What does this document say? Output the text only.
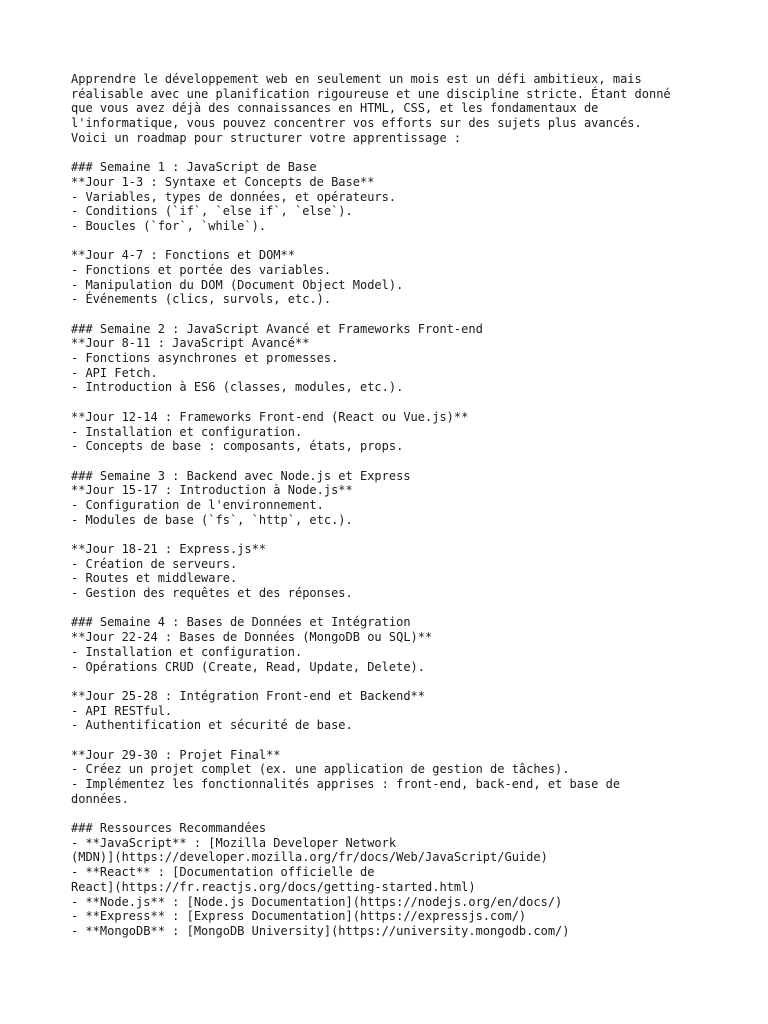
Apprendre le développement web en seulement un mois est un défi ambitieux, mais
réalisable avec une planification rigoureuse et une discipline stricte. Étant donné
que vous avez déjà des connaissances en HTML, CSS, et les fondamentaux de
l'informatique, vous pouvez concentrer vos efforts sur des sujets plus avancés.
Voici un roadmap pour structurer votre apprentissage :
### Semaine 1 : JavaScript de Base
**Jour 1-3 : Syntaxe et Concepts de Base**
- Variables, types de données, et opérateurs.
- Conditions (`if`, `else if`, `else`).
- Boucles (`for`, `while`).
**Jour 4-7 : Fonctions et DOM**
- Fonctions et portée des variables.
- Manipulation du DOM (Document Object Model).
- Événements (clics, survols, etc.).
### Semaine 2 : JavaScript Avancé et Frameworks Front-end
**Jour 8-11 : JavaScript Avancé**
- Fonctions asynchrones et promesses.
- API Fetch.
- Introduction à ES6 (classes, modules, etc.).
**Jour 12-14 : Frameworks Front-end (React ou Vue.js)**
- Installation et configuration.
- Concepts de base : composants, états, props.
### Semaine 3 : Backend avec Node.js et Express
**Jour 15-17 : Introduction à Node.js**
- Configuration de l'environnement.
- Modules de base (`fs`, `http`, etc.).
**Jour 18-21 : Express.js**
- Création de serveurs.
- Routes et middleware.
- Gestion des requêtes et des réponses.
### Semaine 4 : Bases de Données et Intégration
**Jour 22-24 : Bases de Données (MongoDB ou SQL)**
- Installation et configuration.
- Opérations CRUD (Create, Read, Update, Delete).
**Jour 25-28 : Intégration Front-end et Backend**
- API RESTful.
- Authentification et sécurité de base.
**Jour 29-30 : Projet Final**
- Créez un projet complet (ex. une application de gestion de tâches).
- Implémentez les fonctionnalités apprises : front-end, back-end, et base de
données.
### Ressources Recommandées
- **JavaScript** : [Mozilla Developer Network
(MDN)](https://developer.mozilla.org/fr/docs/Web/JavaScript/Guide)
- **React** : [Documentation officielle de
React](https://fr.reactjs.org/docs/getting-started.html)
- **Node.js** : [Node.js Documentation](https://nodejs.org/en/docs/)
- **Express** : [Express Documentation](https://expressjs.com/)
- **MongoDB** : [MongoDB University](https://university.mongodb.com/)
